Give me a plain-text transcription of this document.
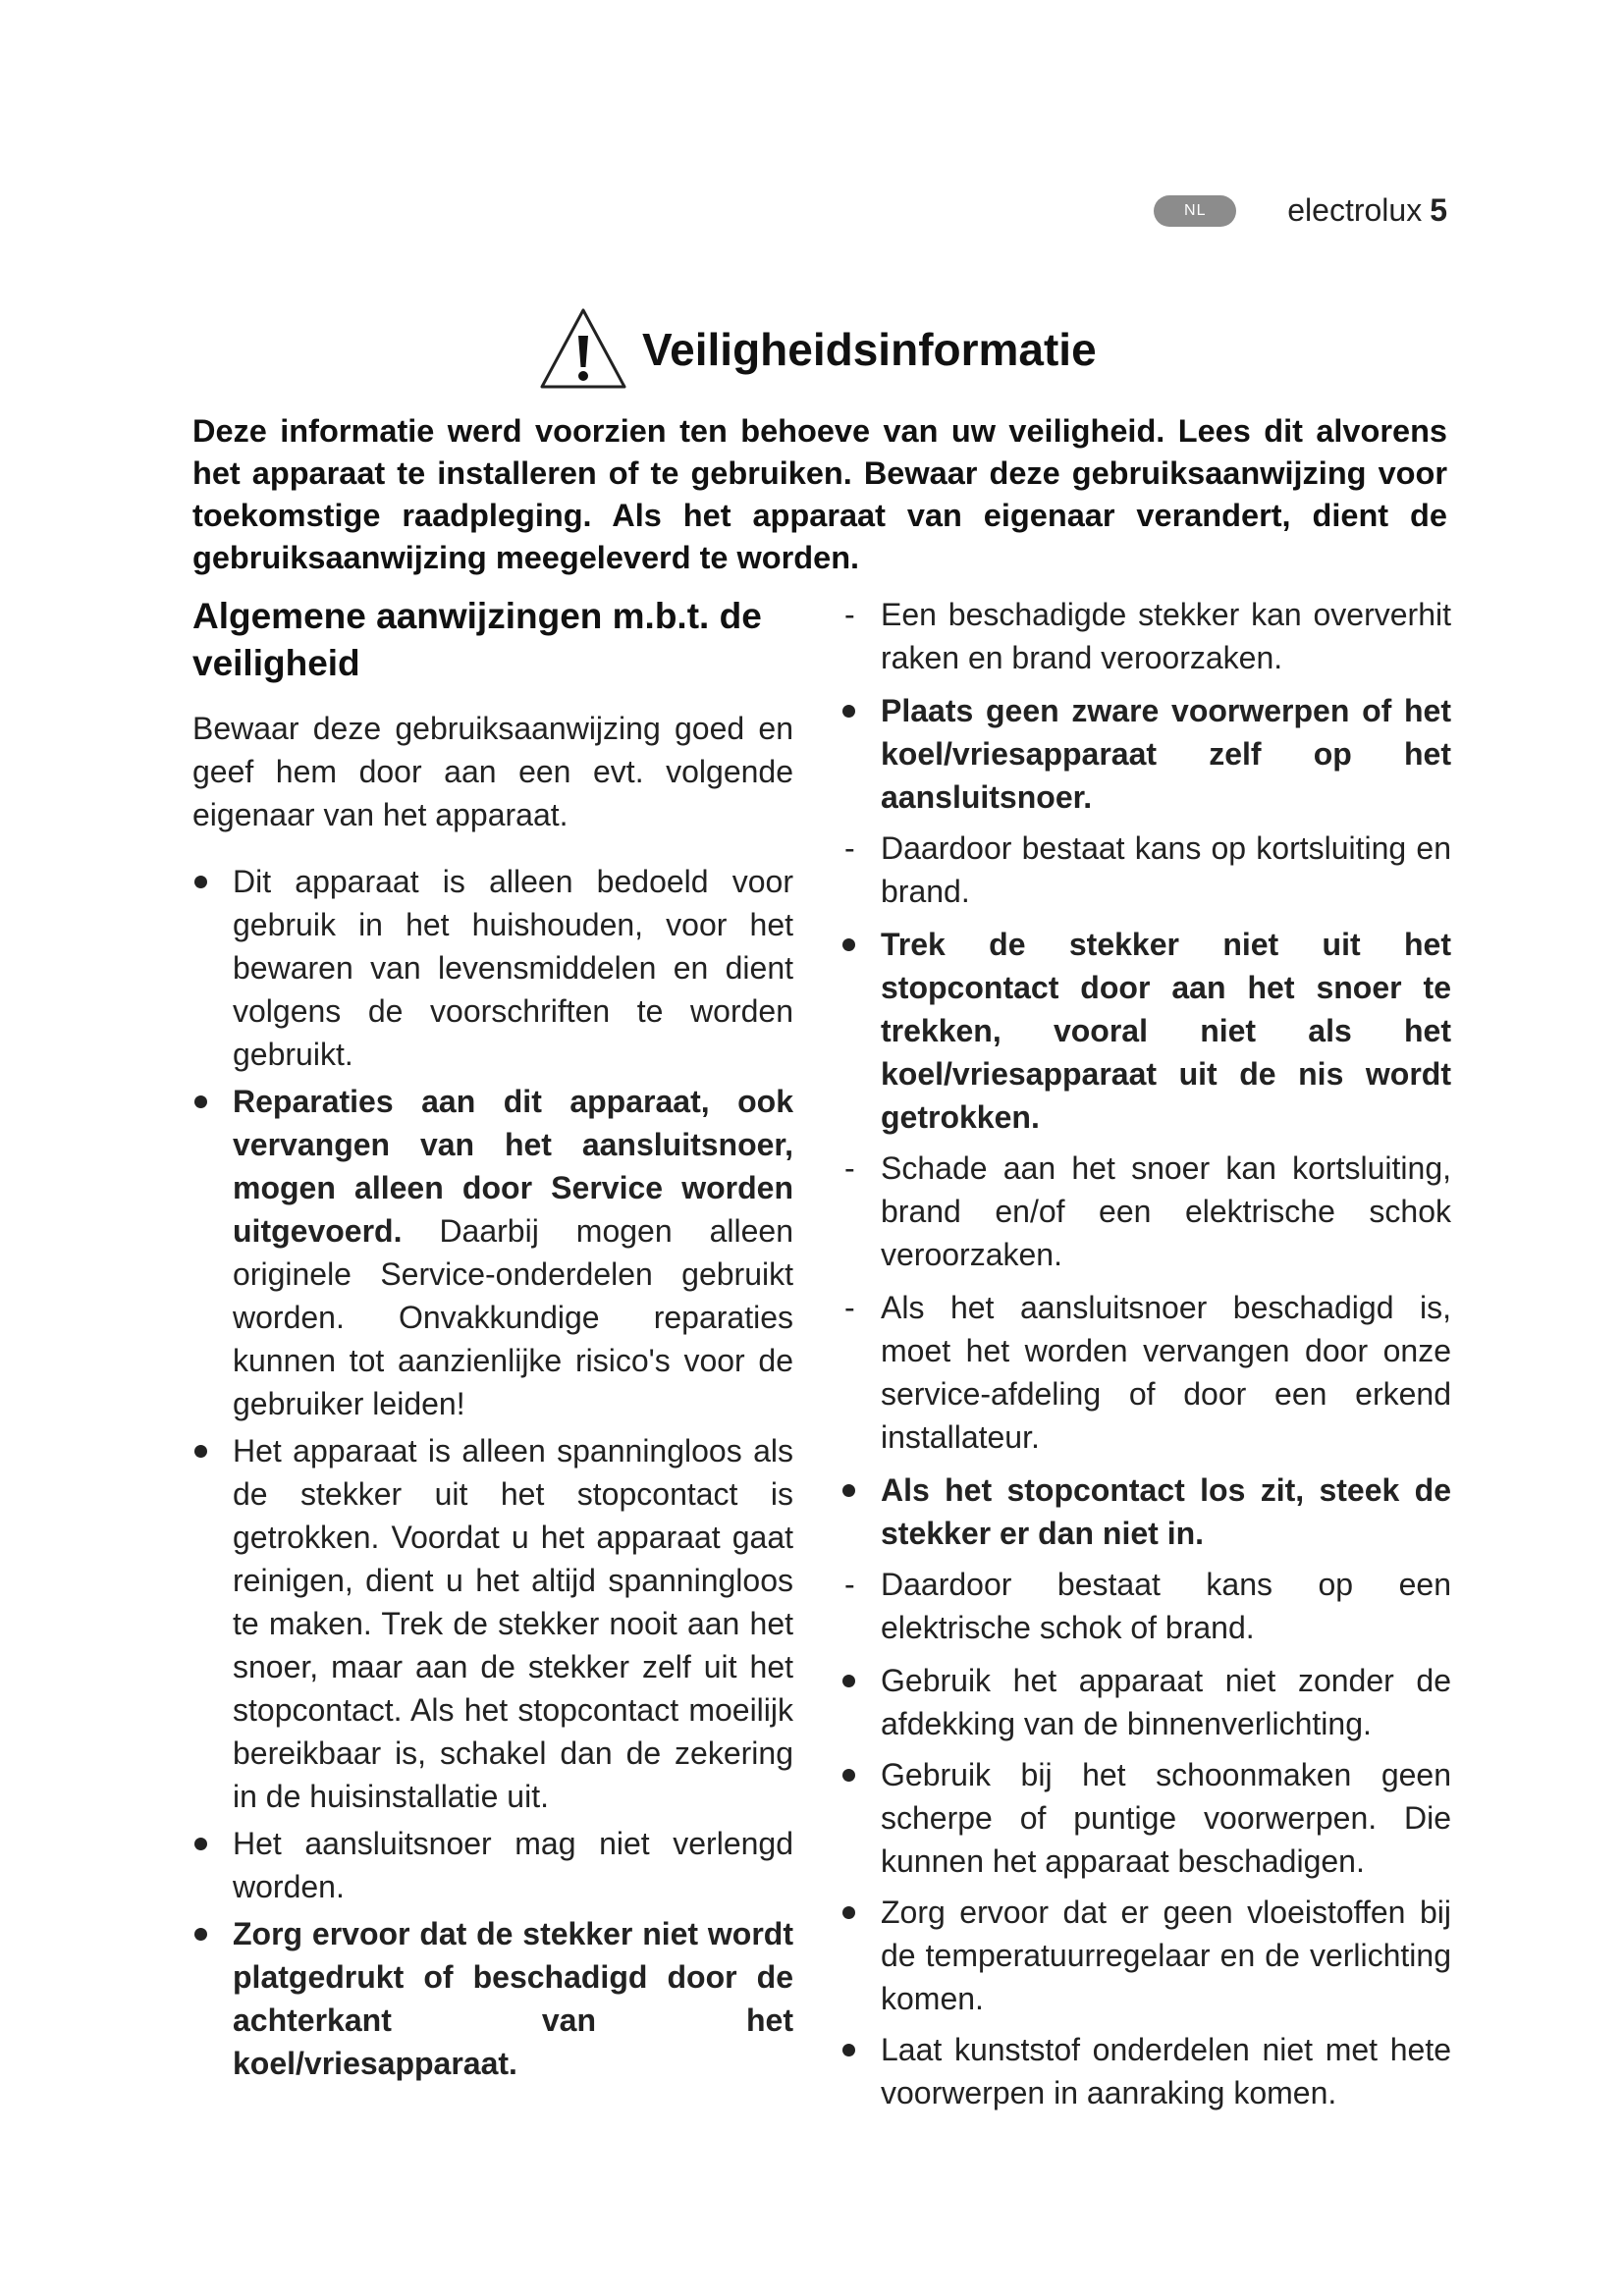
NL	electrolux 5
Veiligheidsinformatie
Deze informatie werd voorzien ten behoeve van uw veiligheid. Lees dit alvorens het apparaat te installeren of te gebruiken. Bewaar deze gebruiksaanwijzing voor toekomstige raadpleging. Als het apparaat van eigenaar verandert, dient de gebruiksaanwijzing meegeleverd te worden.
Algemene aanwijzingen m.b.t. de veiligheid
Bewaar deze gebruiksaanwijzing goed en geef hem door aan een evt. volgende eigenaar van het apparaat.
Dit apparaat is alleen bedoeld voor gebruik in het huishouden, voor het bewaren van levensmiddelen en dient volgens de voorschriften te worden gebruikt.
Reparaties aan dit apparaat, ook vervangen van het aansluitsnoer, mogen alleen door Service worden uitgevoerd. Daarbij mogen alleen originele Service-onderdelen gebruikt worden. Onvakkundige reparaties kunnen tot aanzienlijke risico's voor de gebruiker leiden!
Het apparaat is alleen spanningloos als de stekker uit het stopcontact is getrokken. Voordat u het apparaat gaat reinigen, dient u het altijd spanningloos te maken. Trek de stekker nooit aan het snoer, maar aan de stekker zelf uit het stopcontact. Als het stopcontact moeilijk bereikbaar is, schakel dan de zekering in de huisinstallatie uit.
Het aansluitsnoer mag niet verlengd worden.
Zorg ervoor dat de stekker niet wordt platgedrukt of beschadigd door de achterkant van het koel/vriesapparaat.
- Een beschadigde stekker kan oververhit raken en brand veroorzaken.
Plaats geen zware voorwerpen of het koel/vriesapparaat zelf op het aansluitsnoer.
- Daardoor bestaat kans op kortsluiting en brand.
Trek de stekker niet uit het stopcontact door aan het snoer te trekken, vooral niet als het koel/vriesapparaat uit de nis wordt getrokken.
- Schade aan het snoer kan kortsluiting, brand en/of een elektrische schok veroorzaken.
- Als het aansluitsnoer beschadigd is, moet het worden vervangen door onze service-afdeling of door een erkend installateur.
Als het stopcontact los zit, steek de stekker er dan niet in.
- Daardoor bestaat kans op een elektrische schok of brand.
Gebruik het apparaat niet zonder de afdekking van de binnenverlichting.
Gebruik bij het schoonmaken geen scherpe of puntige voorwerpen. Die kunnen het apparaat beschadigen.
Zorg ervoor dat er geen vloeistoffen bij de temperatuurregelaar en de verlichting komen.
Laat kunststof onderdelen niet met hete voorwerpen in aanraking komen.
